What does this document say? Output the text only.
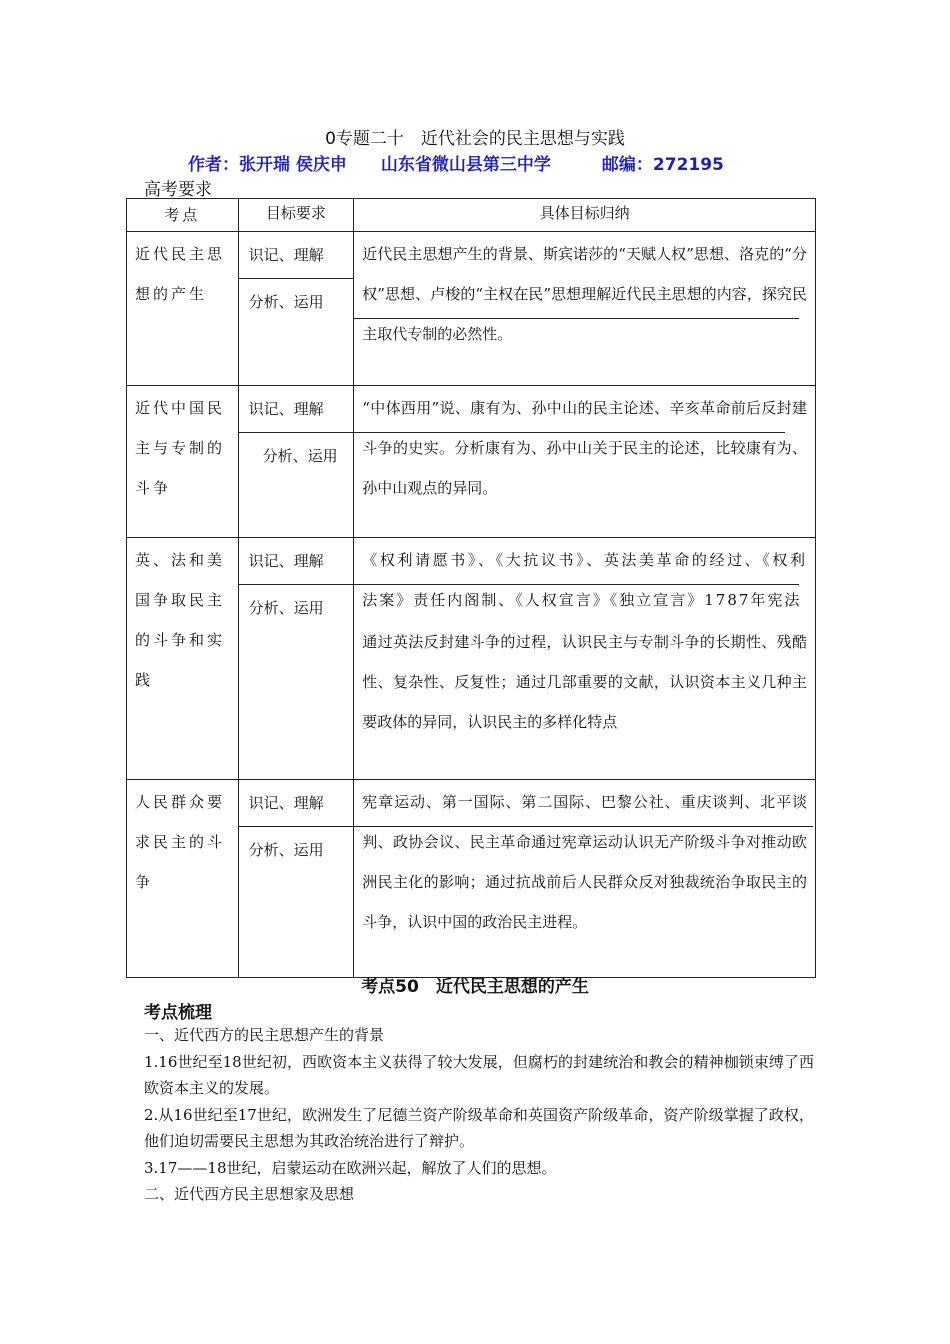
0专题二十　近代社会的民主思想与实践
作者：张开瑞 侯庆申　　山东省微山县第三中学　　　邮编：272195
高考要求
考点	目标要求	具体目标归纳
近代民主思想的产生	识记、理解
分析、运用	近代民主思想产生的背景、斯宾诺莎的“天赋人权”思想、洛克的“分权”思想、卢梭的“主权在民”思想理解近代民主思想的内容，探究民主取代专制的必然性。

近代中国民主与专制的斗争	识记、理解
分析、运用	“中体西用”说、康有为、孙中山的民主论述、辛亥革命前后反封建斗争的史实。分析康有为、孙中山关于民主的论述，比较康有为、孙中山观点的异同。

英、法和美国争取民主的斗争和实践	识记、理解
分析、运用	《权利请愿书》、《大抗议书》、英法美革命的经过、《权利法案》责任内阁制、《人权宣言》《独立宣言》1787年宪法
通过英法反封建斗争的过程，认识民主与专制斗争的长期性、残酷性、复杂性、反复性；通过几部重要的文献，认识资本主义几种主要政体的异同，认识民主的多样化特点

人民群众要求民主的斗争	识记、理解
分析、运用	宪章运动、第一国际、第二国际、巴黎公社、重庆谈判、北平谈判、政协会议、民主革命通过宪章运动认识无产阶级斗争对推动欧洲民主化的影响；通过抗战前后人民群众反对独裁统治争取民主的斗争，认识中国的政治民主进程。
考点50　近代民主思想的产生
考点梳理

一、近代西方的民主思想产生的背景

1.16世纪至18世纪初，西欧资本主义获得了较大发展，但腐朽的封建统治和教会的精神枷锁束缚了西欧资本主义的发展。

2.从16世纪至17世纪，欧洲发生了尼德兰资产阶级革命和英国资产阶级革命，资产阶级掌握了政权，他们迫切需要民主思想为其政治统治进行了辩护。

3.17——18世纪，启蒙运动在欧洲兴起，解放了人们的思想。

二、近代西方民主思想家及思想
